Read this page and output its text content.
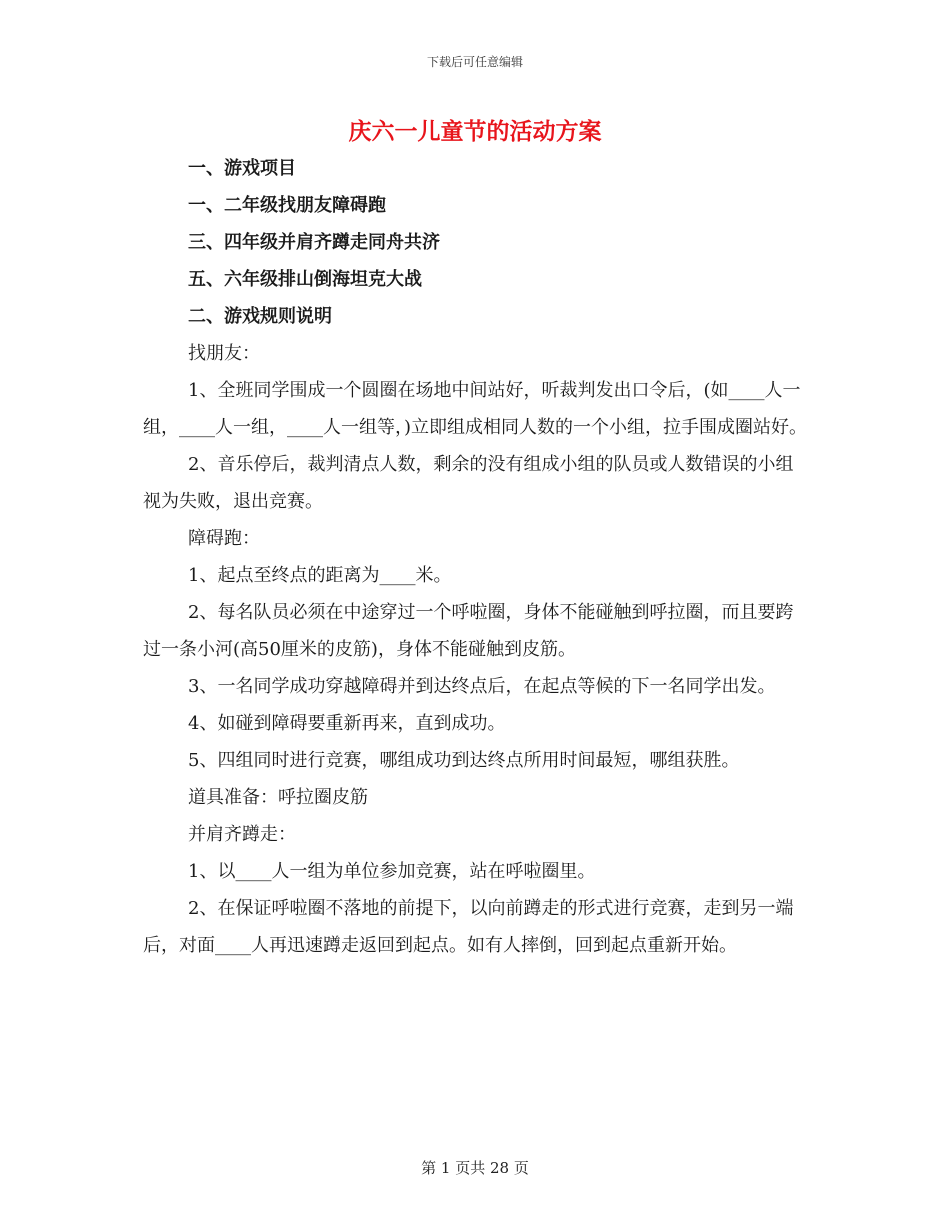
下载后可任意编辑
庆六一儿童节的活动方案
一、游戏项目
一、二年级找朋友障碍跑
三、四年级并肩齐蹲走同舟共济
五、六年级排山倒海坦克大战
二、游戏规则说明

找朋友：

1、全班同学围成一个圆圈在场地中间站好，听裁判发出口令后，(如____人一组，____人一组，____人一组等，)立即组成相同人数的一个小组，拉手围成圈站好。

2、音乐停后，裁判清点人数，剩余的没有组成小组的队员或人数错误的小组视为失败，退出竞赛。

障碍跑：

1、起点至终点的距离为____米。

2、每名队员必须在中途穿过一个呼啦圈，身体不能碰触到呼拉圈，而且要跨过一条小河(高50厘米的皮筋)，身体不能碰触到皮筋。

3、一名同学成功穿越障碍并到达终点后，在起点等候的下一名同学出发。

4、如碰到障碍要重新再来，直到成功。

5、四组同时进行竞赛，哪组成功到达终点所用时间最短，哪组获胜。

道具准备：呼拉圈皮筋

并肩齐蹲走：

1、以____人一组为单位参加竞赛，站在呼啦圈里。

2、在保证呼啦圈不落地的前提下，以向前蹲走的形式进行竞赛，走到另一端后，对面____人再迅速蹲走返回到起点。如有人摔倒，回到起点重新开始。

第 1 页共 28 页
